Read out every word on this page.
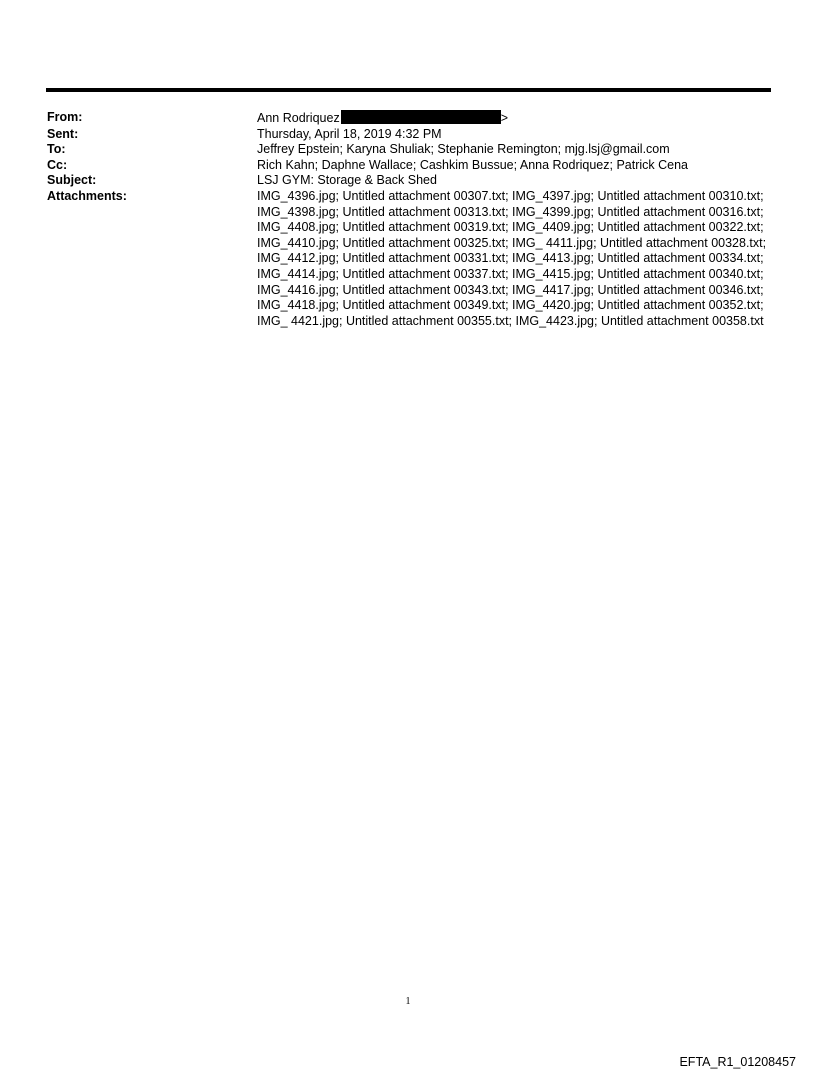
From:	Ann Rodriquez	>
Sent:	Thursday, April 18, 2019 4:32 PM
To:	Jeffrey Epstein; Karyna Shuliak; Stephanie Remington; mjg.lsj@gmail.com
Cc:	Rich Kahn; Daphne Wallace; Cashkim Bussue; Anna Rodriquez; Patrick Cena
Subject:	LSJ GYM: Storage & Back Shed
Attachments:	IMG_4396.jpg; Untitled attachment 00307.txt; IMG_4397.jpg; Untitled attachment 00310.txt; IMG_4398.jpg; Untitled attachment 00313.txt; IMG_4399.jpg; Untitled attachment 00316.txt; IMG_4408.jpg; Untitled attachment 00319.txt; IMG_4409.jpg; Untitled attachment 00322.txt; IMG_4410.jpg; Untitled attachment 00325.txt; IMG_ 4411.jpg; Untitled attachment 00328.txt; IMG_4412.jpg; Untitled attachment 00331.txt; IMG_4413.jpg; Untitled attachment 00334.txt; IMG_4414.jpg; Untitled attachment 00337.txt; IMG_4415.jpg; Untitled attachment 00340.txt; IMG_4416.jpg; Untitled attachment 00343.txt; IMG_4417.jpg; Untitled attachment 00346.txt; IMG_4418.jpg; Untitled attachment 00349.txt; IMG_4420.jpg; Untitled attachment 00352.txt; IMG_ 4421.jpg; Untitled attachment 00355.txt; IMG_4423.jpg; Untitled attachment 00358.txt
1
EFTA_R1_01208457
